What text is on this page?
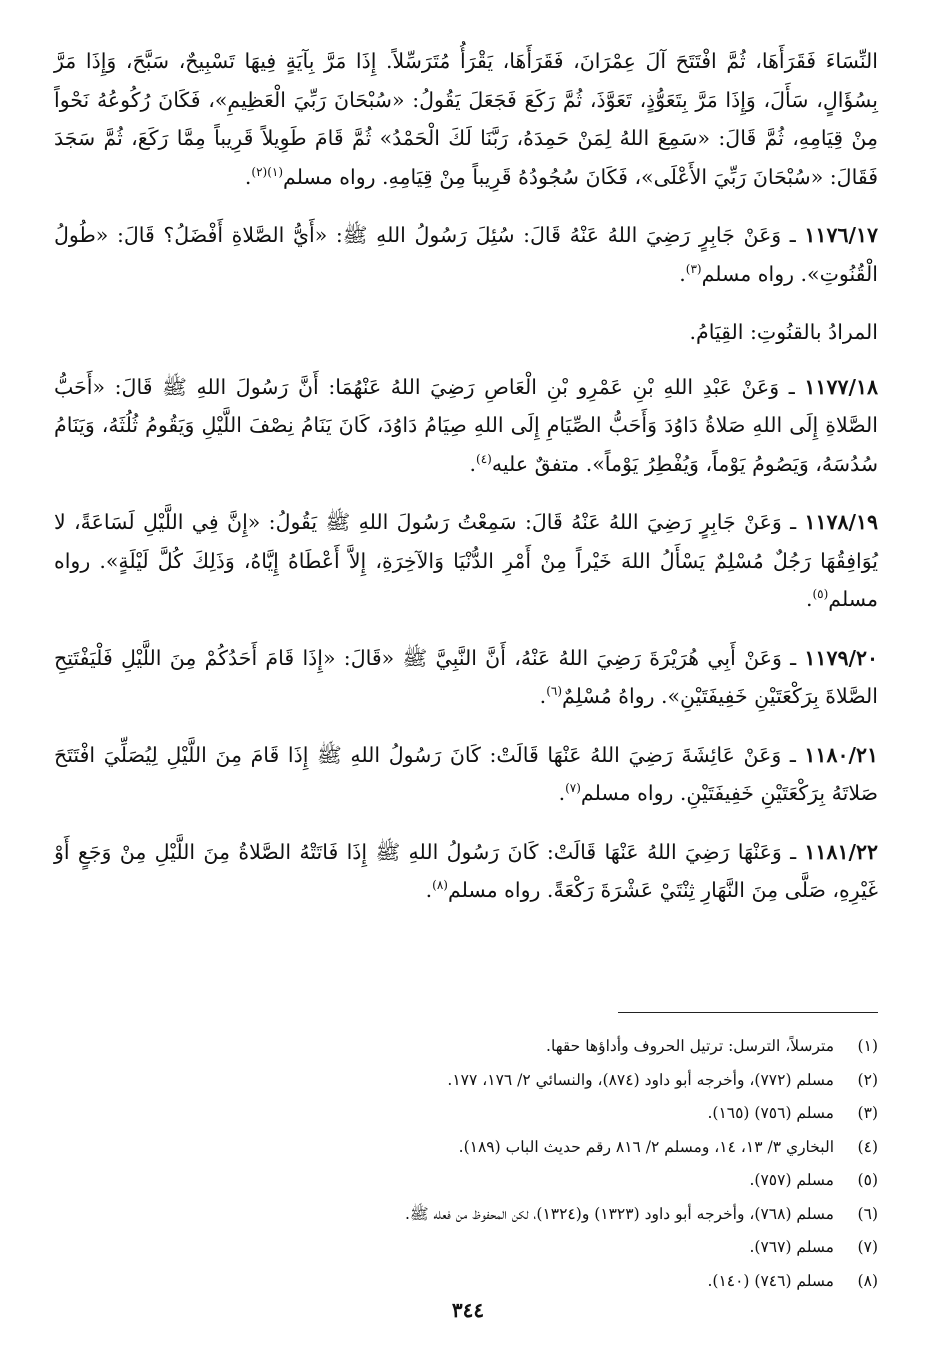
النِّسَاءَ فَقَرَأَهَا، ثُمَّ افْتَتَحَ آلَ عِمْرَانَ، فَقَرَأَهَا، يَقْرَأُ مُتَرَسِّلاً. إِذَا مَرَّ بِآيَةٍ فِيهَا تَسْبِيحٌ، سَبَّحَ، وَإِذَا مَرَّ بِسُؤَالٍ، سَأَلَ، وَإِذَا مَرَّ بِتَعَوُّذٍ، تَعَوَّذَ، ثُمَّ رَكَعَ فَجَعَلَ يَقُولُ: «سُبْحَانَ رَبِّيَ الْعَظِيمِ»، فَكَانَ رُكُوعُهُ نَحْواً مِنْ قِيَامِهِ، ثُمَّ قَالَ: «سَمِعَ اللهُ لِمَنْ حَمِدَهُ، رَبَّنَا لَكَ الْحَمْدُ» ثُمَّ قَامَ طَوِيلاً قَرِيباً مِمَّا رَكَعَ، ثُمَّ سَجَدَ فَقَالَ: «سُبْحَانَ رَبِّيَ الأَعْلَى»، فَكَانَ سُجُودُهُ قَرِيباً مِنْ قِيَامِهِ. رواه مسلم$^{(١)(٢)}$.

١١٧٦/١٧ ـ وَعَنْ جَابِرٍ رَضِيَ اللهُ عَنْهُ قَالَ: سُئِلَ رَسُولُ اللهِ ﷺ: «أَيُّ الصَّلاةِ أَفْضَلُ؟ قَالَ: «طُولُ الْقُنُوتِ». رواه مسلم$^{(٣)}$.

المرادُ بالقنُوتِ: القِيَامُ.

١١٧٧/١٨ ـ وَعَنْ عَبْدِ اللهِ بْنِ عَمْرِو بْنِ الْعَاصِ رَضِيَ اللهُ عَنْهُمَا: أَنَّ رَسُولَ اللهِ ﷺ قَالَ: «أَحَبُّ الصَّلاةِ إِلَى اللهِ صَلاةُ دَاوُدَ وَأَحَبُّ الصِّيَامِ إِلَى اللهِ صِيَامُ دَاوُدَ، كَانَ يَنَامُ نِصْفَ اللَّيْلِ وَيَقُومُ ثُلُثَهُ، وَيَنَامُ سُدُسَهُ، وَيَصُومُ يَوْماً، وَيُفْطِرُ يَوْماً». متفقٌ عليه$^{(٤)}$.

١١٧٨/١٩ ـ وَعَنْ جَابِرٍ رَضِيَ اللهُ عَنْهُ قَالَ: سَمِعْتُ رَسُولَ اللهِ ﷺ يَقُولُ: «إِنَّ فِي اللَّيْلِ لَسَاعَةً، لا يُوَافِقُهَا رَجُلٌ مُسْلِمٌ يَسْأَلُ اللهَ خَيْراً مِنْ أَمْرِ الدُّنْيَا وَالآخِرَةِ، إِلاَّ أَعْطَاهُ إِيَّاهُ، وَذَلِكَ كُلَّ لَيْلَةٍ». رواه مسلم$^{(٥)}$.

١١٧٩/٢٠ ـ وَعَنْ أَبِي هُرَيْرَةَ رَضِيَ اللهُ عَنْهُ، أَنَّ النَّبِيَّ ﷺ «قَالَ: «إِذَا قَامَ أَحَدُكُمْ مِنَ اللَّيْلِ فَلْيَفْتَتِحِ الصَّلاةَ بِرَكْعَتَيْنِ خَفِيفَتَيْنِ». رواهُ مُسْلِمٌ$^{(٦)}$.

١١٨٠/٢١ ـ وَعَنْ عَائِشَةَ رَضِيَ اللهُ عَنْهَا قَالَتْ: كَانَ رَسُولُ اللهِ ﷺ إِذَا قَامَ مِنَ اللَّيْلِ لِيُصَلِّيَ افْتَتَحَ صَلاتَهُ بِرَكْعَتَيْنِ خَفِيفَتَيْنِ. رواه مسلم$^{(٧)}$.

١١٨١/٢٢ ـ وَعَنْهَا رَضِيَ اللهُ عَنْهَا قَالَتْ: كَانَ رَسُولُ اللهِ ﷺ إِذَا فَاتَتْهُ الصَّلاةُ مِنَ اللَّيْلِ مِنْ وَجَعٍ أَوْ غَيْرِهِ، صَلَّى مِنَ النَّهَارِ ثِنْتَيْ عَشْرَةَ رَكْعَةً. رواه مسلم$^{(٨)}$.

(١)
مترسلاً، الترسل: ترتيل الحروف وأداؤها حقها.
(٢)
مسلم (٧٧٢)، وأخرجه أبو داود (٨٧٤)، والنسائي ٢/ ١٧٦، ١٧٧.
(٣)
مسلم (٧٥٦) (١٦٥).
(٤)
البخاري ٣/ ١٣، ١٤، ومسلم ٢/ ٨١٦ رقم حديث الباب (١٨٩).
(٥)
مسلم (٧٥٧).
(٦)
مسلم (٧٦٨)، وأخرجه أبو داود (١٣٢٣) و(١٣٢٤)، لكن المحفوظ من فعله ﷺ.
(٧)
مسلم (٧٦٧).
(٨)
مسلم (٧٤٦) (١٤٠).
٣٤٤
